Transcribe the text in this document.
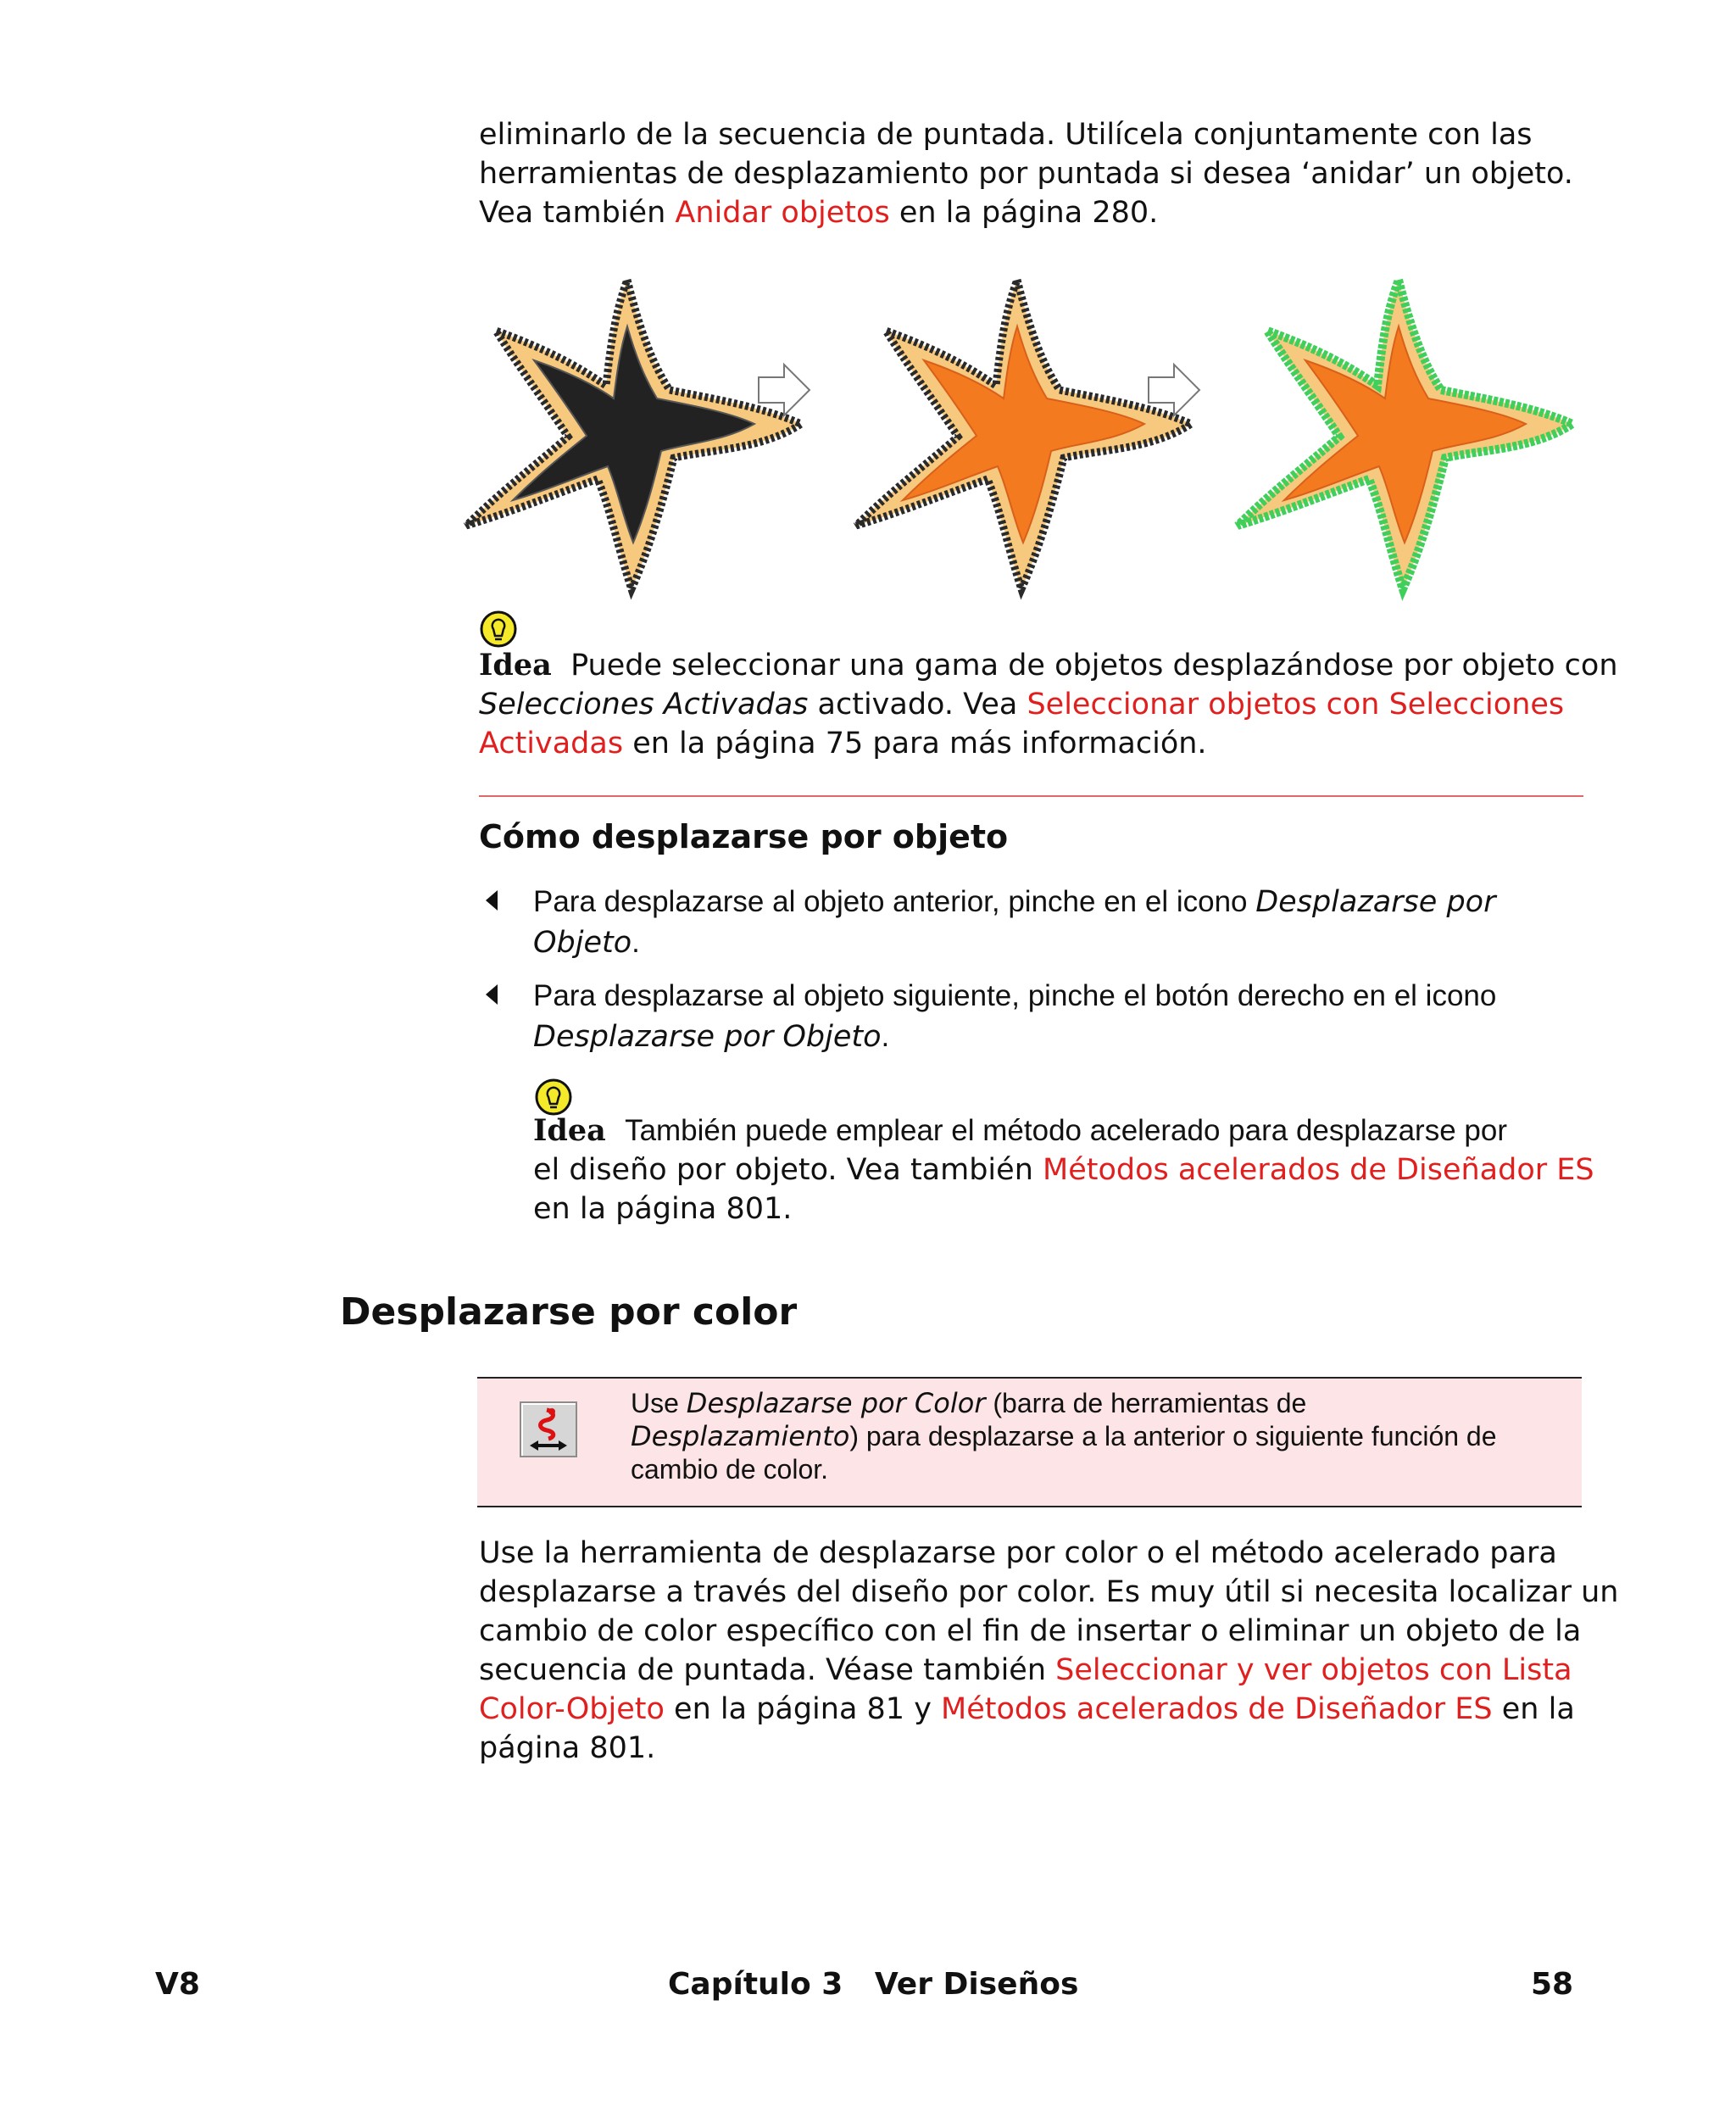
eliminarlo de la secuencia de puntada. Utilícela conjuntamente con las

herramientas de desplazamiento por puntada si desea ‘anidar’ un objeto.

Vea también Anidar objetos en la página 280.

Idea Puede seleccionar una gama de objetos desplazándose por objeto con

Selecciones Activadas activado. Vea Seleccionar objetos con Selecciones

Activadas en la página 75 para más información.

Cómo desplazarse por objeto

Para desplazarse al objeto anterior, pinche en el icono Desplazarse por
Objeto.

Para desplazarse al objeto siguiente, pinche el botón derecho en el icono
Desplazarse por Objeto.

Idea También puede emplear el método acelerado para desplazarse por

el diseño por objeto. Vea también Métodos acelerados de Diseñador ES

en la página 801.

Desplazarse por color

Use Desplazarse por Color (barra de herramientas de
Desplazamiento) para desplazarse a la anterior o siguiente función de
cambio de color.

Use la herramienta de desplazarse por color o el método acelerado para

desplazarse a través del diseño por color. Es muy útil si necesita localizar un

cambio de color específico con el fin de insertar o eliminar un objeto de la

secuencia de puntada. Véase también Seleccionar y ver objetos con Lista

Color-Objeto en la página 81 y Métodos acelerados de Diseñador ES en la

página 801.

V8	Capítulo 3   Ver Diseños	58
